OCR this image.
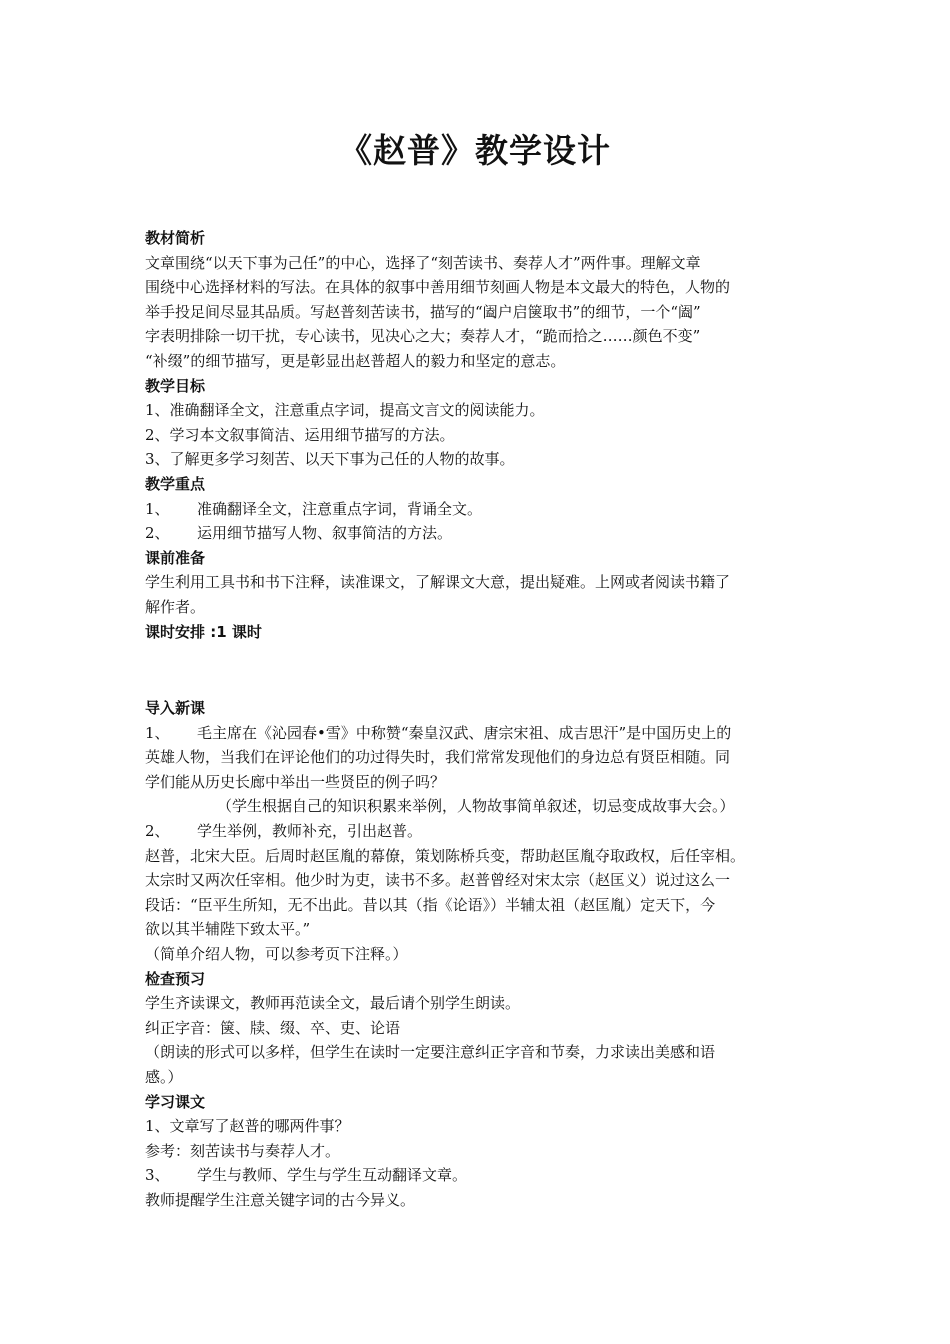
《赵普》教学设计

教材简析

文章围绕“以天下事为己任”的中心，选择了“刻苦读书、奏荐人才”两件事。理解文章

围绕中心选择材料的写法。在具体的叙事中善用细节刻画人物是本文最大的特色，人物的

举手投足间尽显其品质。写赵普刻苦读书，描写的“阖户启箧取书”的细节，一个“阖”

字表明排除一切干扰，专心读书，见决心之大；奏荐人才，“跪而拾之……颜色不变”

“补缀”的细节描写，更是彰显出赵普超人的毅力和坚定的意志。

教学目标

1、准确翻译全文，注意重点字词，提高文言文的阅读能力。

2、学习本文叙事简洁、运用细节描写的方法。

3、了解更多学习刻苦、以天下事为己任的人物的故事。

教学重点

1、 准确翻译全文，注意重点字词，背诵全文。

2、 运用细节描写人物、叙事简洁的方法。

课前准备

学生利用工具书和书下注释，读准课文，了解课文大意，提出疑难。上网或者阅读书籍了

解作者。

课时安排 :1 课时

导入新课

1、 毛主席在《沁园春•雪》中称赞“秦皇汉武、唐宗宋祖、成吉思汗”是中国历史上的

英雄人物，当我们在评论他们的功过得失时，我们常常发现他们的身边总有贤臣相随。同

学们能从历史长廊中举出一些贤臣的例子吗？

（学生根据自己的知识积累来举例，人物故事简单叙述，切忌变成故事大会。）

2、 学生举例，教师补充，引出赵普。

赵普，北宋大臣。后周时赵匡胤的幕僚，策划陈桥兵变，帮助赵匡胤夺取政权，后任宰相。

太宗时又两次任宰相。他少时为吏，读书不多。赵普曾经对宋太宗（赵匡义）说过这么一

段话：“臣平生所知，无不出此。昔以其（指《论语》）半辅太祖（赵匡胤）定天下，今

欲以其半辅陛下致太平。”

（简单介绍人物，可以参考页下注释。）

检查预习

学生齐读课文，教师再范读全文，最后请个别学生朗读。

纠正字音：箧、牍、缀、卒、吏、论语

（朗读的形式可以多样，但学生在读时一定要注意纠正字音和节奏，力求读出美感和语

感。）

学习课文

1、文章写了赵普的哪两件事？

参考：刻苦读书与奏荐人才。

3、 学生与教师、学生与学生互动翻译文章。

教师提醒学生注意关键字词的古今异义。
